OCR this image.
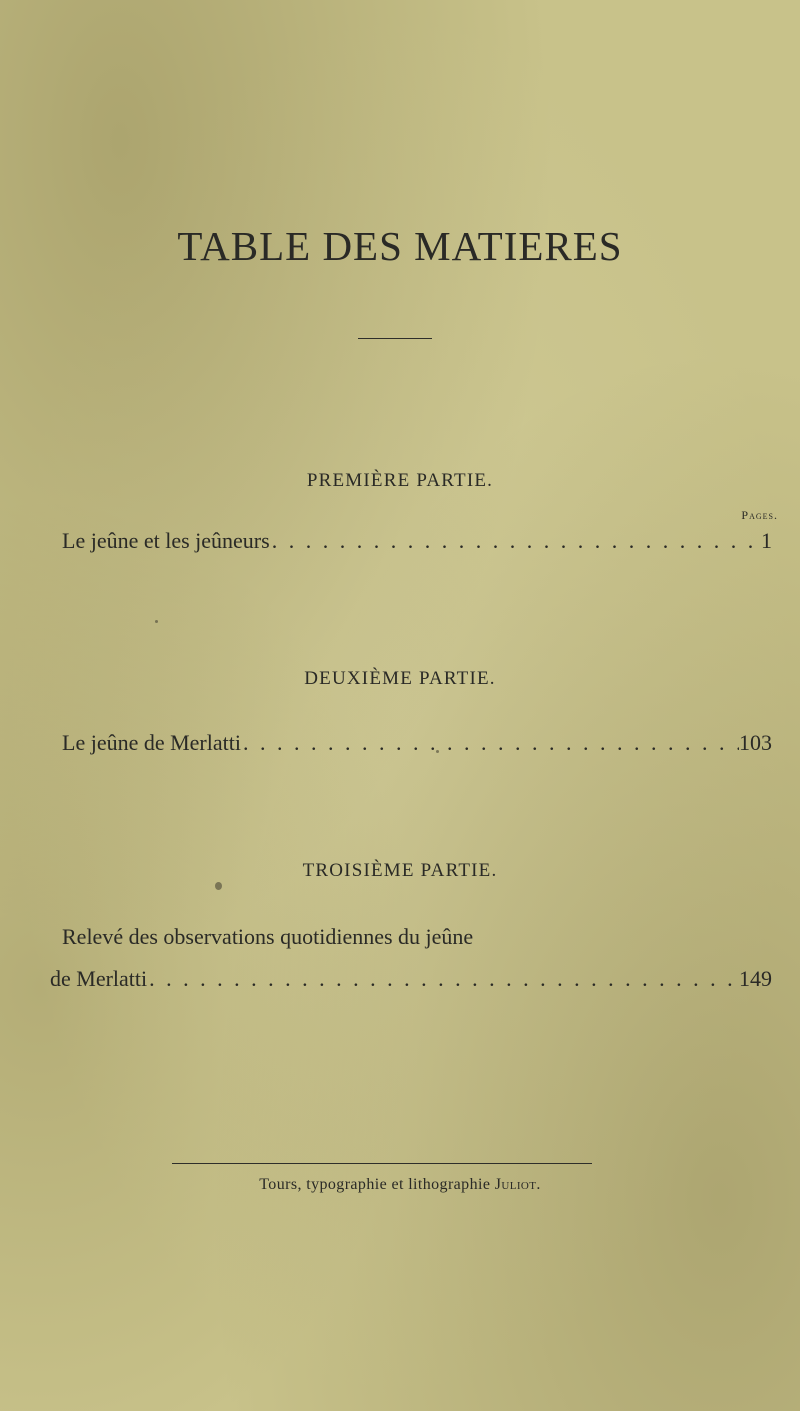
TABLE DES MATIERES
PREMIÈRE PARTIE.
Pages.
Le jeûne et les jeûneurs . . .	1
DEUXIÈME PARTIE.
Le jeûne de Merlatti . . .	103
TROISIÈME PARTIE.
Relevé des observations quotidiennes du jeûne
de Merlatti . . .	149
Tours, typographie et lithographie Juliot.
